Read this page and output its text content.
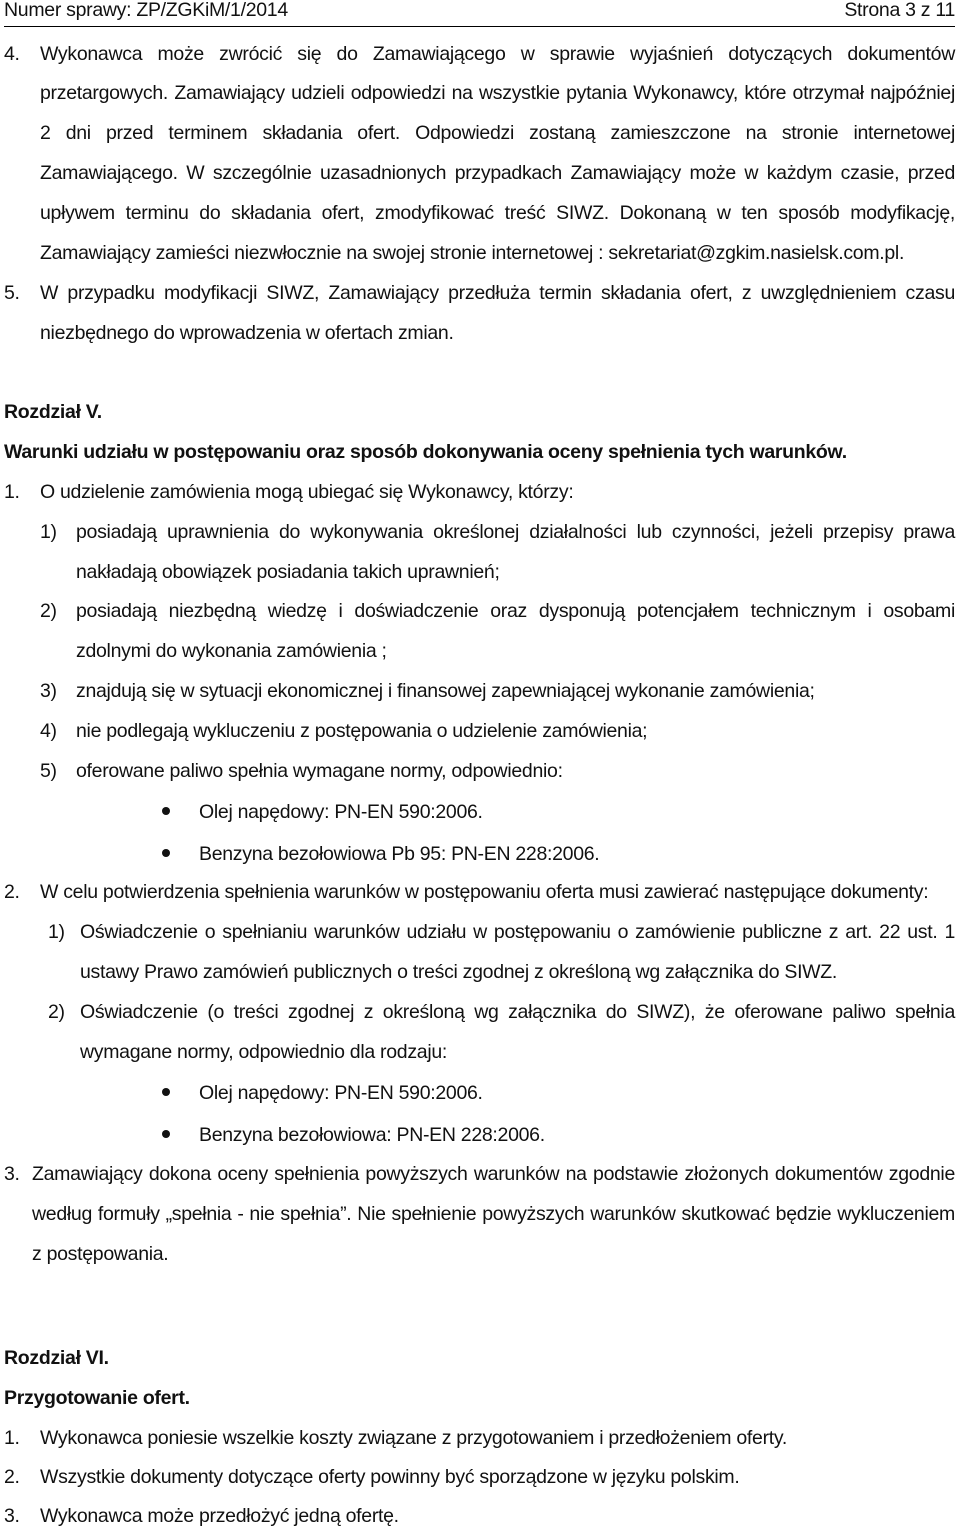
Numer sprawy: ZP/ZGKiM/1/2014	Strona 3 z 11
4. Wykonawca może zwrócić się do Zamawiającego w sprawie wyjaśnień dotyczących dokumentów
przetargowych. Zamawiający udzieli odpowiedzi na wszystkie pytania Wykonawcy, które otrzymał najpóźniej
2 dni przed terminem składania ofert. Odpowiedzi zostaną zamieszczone na stronie internetowej
Zamawiającego. W szczególnie uzasadnionych przypadkach Zamawiający może w każdym czasie, przed
upływem terminu do składania ofert, zmodyfikować treść SIWZ. Dokonaną w ten sposób modyfikację,
Zamawiający zamieści niezwłocznie na swojej stronie internetowej : sekretariat@zgkim.nasielsk.com.pl.
5. W przypadku modyfikacji SIWZ, Zamawiający przedłuża termin składania ofert, z uwzględnieniem czasu
niezbędnego do wprowadzenia w ofertach zmian.
Rozdział V.
Warunki udziału w postępowaniu oraz sposób dokonywania oceny spełnienia tych warunków.
1. O udzielenie zamówienia mogą ubiegać się Wykonawcy, którzy:
1) posiadają uprawnienia do wykonywania określonej działalności lub czynności, jeżeli przepisy prawa
nakładają obowiązek posiadania takich uprawnień;
2) posiadają niezbędną wiedzę i doświadczenie oraz dysponują potencjałem technicznym i osobami
zdolnymi do wykonania zamówienia ;
3) znajdują się w sytuacji ekonomicznej i finansowej zapewniającej wykonanie zamówienia;
4) nie podlegają wykluczeniu z postępowania o udzielenie zamówienia;
5) oferowane paliwo spełnia wymagane normy, odpowiednio:
Olej napędowy: PN-EN 590:2006.
Benzyna bezołowiowa Pb 95: PN-EN 228:2006.
2. W celu potwierdzenia spełnienia warunków w postępowaniu oferta musi zawierać następujące dokumenty:
1) Oświadczenie o spełnianiu warunków udziału w postępowaniu o zamówienie publiczne z art. 22 ust. 1
ustawy Prawo zamówień publicznych o treści zgodnej z określoną wg załącznika do SIWZ.
2) Oświadczenie (o treści zgodnej z określoną wg załącznika do SIWZ), że oferowane paliwo spełnia
wymagane normy, odpowiednio dla rodzaju:
Olej napędowy: PN-EN 590:2006.
Benzyna bezołowiowa: PN-EN 228:2006.
3. Zamawiający dokona oceny spełnienia powyższych warunków na podstawie złożonych dokumentów zgodnie
według formuły „spełnia - nie spełnia”. Nie spełnienie powyższych warunków skutkować będzie wykluczeniem
z postępowania.
Rozdział VI.
Przygotowanie ofert.
1. Wykonawca poniesie wszelkie koszty związane z przygotowaniem i przedłożeniem oferty.
2. Wszystkie dokumenty dotyczące oferty powinny być sporządzone w języku polskim.
3. Wykonawca może przedłożyć jedną ofertę.
